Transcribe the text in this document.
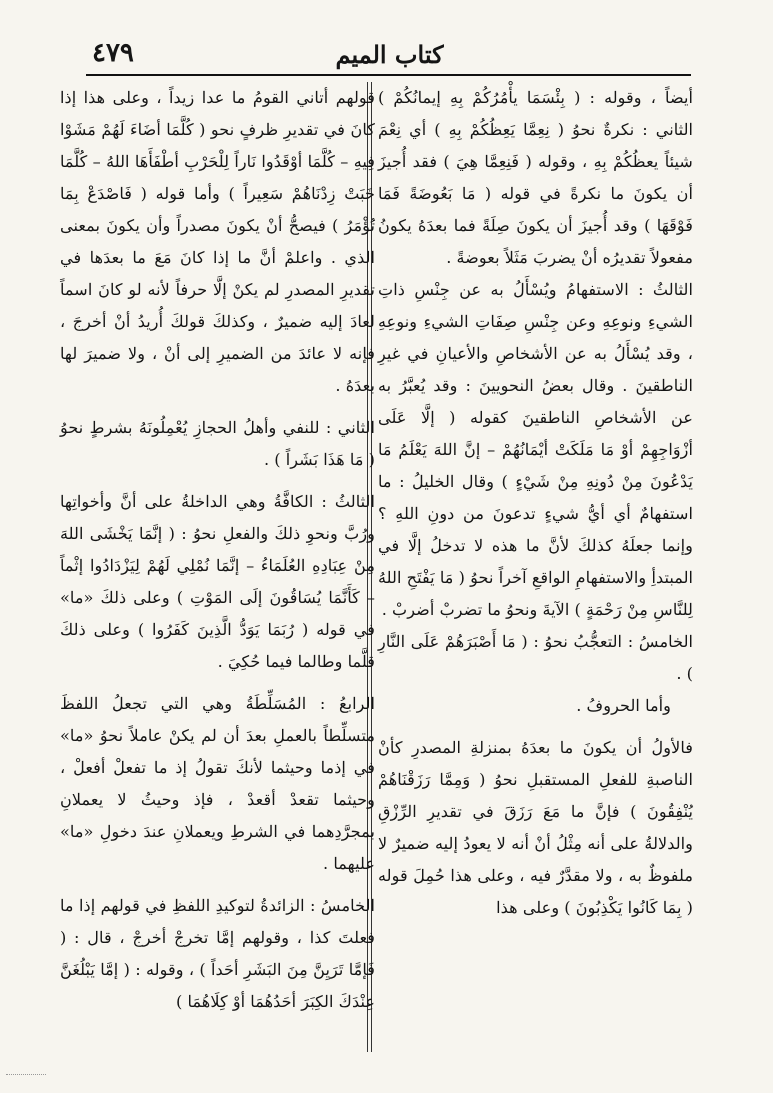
كتاب الميم
٤٧٩

أيضاً ، وقوله : ( بِئْسَمَا يأْمُرُكُمْ بِهِ إيمانُكُمْ ) الثاني : نكرةٌ نحوُ ( نِعِمَّا يَعِظُكُمْ بِهِ ) أي نِعْمَ شيئاً يعظُكُمْ بِهِ ، وقوله ( فَنِعِمَّا هِيَ ) فقد أُجيزَ أن يكونَ ما نكرةً في قوله ( مَا بَعُوضَةً فَمَا فَوْقَهَا ) وقد أُجيزَ أن يكونَ صِلَةً فما بعدَهُ يكونُ مفعولاً تقديرُه أنْ يضربَ مَثَلاً بعوضةً .

الثالثُ : الاستفهامُ ويُسْأَلُ به عن جِنْسِ ذاتِ الشيءِ ونوعِهِ وعن جِنْسِ صِفَاتِ الشيءِ ونوعِهِ ، وقد يُسْأَلُ به عن الأشخاصِ والأعيانِ في غيرِ الناطقينَ . وقال بعضُ النحويينَ : وقد يُعبَّرُ به عن الأشخاصِ الناطقينَ كقوله ( إلَّا عَلَى أزْوَاجِهِمْ أوْ مَا مَلَكَتْ أيْمَانُهُمْ – إنَّ اللهَ يَعْلَمُ مَا يَدْعُونَ مِنْ دُونِهِ مِنْ شَيْءٍ ) وقال الخليلُ : ما استفهامٌ أي أيُّ شيءٍ تدعونَ من دونِ اللهِ ؟ وإنما جعلَهُ كذلكَ لأنَّ ما هذه لا تدخلُ إلَّا في المبتدأِ والاستفهامِ الواقعِ آخراً نحوُ ( مَا يَفْتَحِ اللهُ لِلنَّاسِ مِنْ رَحْمَةٍ ) الآيةَ ونحوُ ما تضربْ أضربْ .

الخامسُ : التعجُّبُ نحوُ : ( مَا أَصْبَرَهُمْ عَلَى النَّارِ ) .

وأما الحروفُ .

فالأولُ أن يكونَ ما بعدَهُ بمنزلةِ المصدرِ كأنْ الناصبةِ للفعلِ المستقبلِ نحوُ ( وَمِمَّا رَزَقْنَاهُمْ يُنْفِقُونَ ) فإنَّ ما مَعَ رَزَقَ في تقديرِ الرِّزْقِ والدلالةُ على أنه مِثْلُ أنْ أنه لا يعودُ إليه ضميرٌ لا ملفوظٌ به ، ولا مقدَّرٌ فيه ، وعلى هذا حُمِلَ قوله ( بِمَا كَانُوا يَكْذِبُونَ ) وعلى هذا

قولهم أتاني القومُ ما عدا زيداً ، وعلى هذا إذا كانَ في تقديرِ ظرفٍ نحو ( كُلَّمَا أضَاءَ لَهُمْ مَشَوْا فِيهِ – كُلَّمَا أوْقَدُوا نَاراً لِلْحَرْبِ أطْفَأَهَا اللهُ – كُلَّمَا خَبَتْ زِدْنَاهُمْ سَعِيراً ) وأما قوله ( فَاصْدَعْ بِمَا تُؤْمَرُ ) فيصحُّ أنْ يكونَ مصدراً وأن يكونَ بمعنى الذي . واعلمْ أنَّ ما إذا كانَ مَعَ ما بعدَها في تقديرِ المصدرِ لم يكنْ إلَّا حرفاً لأنه لو كانَ اسماً لعادَ إليه ضميرٌ ، وكذلكَ قولكَ أُريدُ أنْ أخرجَ ، فإنه لا عائدَ من الضميرِ إلى أنْ ، ولا ضميرَ لها بعدَهُ .

الثاني : للنفي وأهلُ الحجازِ يُعْمِلُونَهُ بشرطٍ نحوُ ( مَا هَذَا بَشَراً ) .

الثالثُ : الكافَّةُ وهي الداخلةُ على أنَّ وأخواتِها ورُبَّ ونحوِ ذلكَ والفعلِ نحوُ : ( إنَّمَا يَخْشَى اللهَ مِنْ عِبَادِهِ العُلَمَاءُ – إنَّمَا نُمْلِي لَهُمْ لِيَزْدَادُوا إثْماً – كَأَنَّمَا يُسَاقُونَ إلَى المَوْتِ ) وعلى ذلكَ «ما» في قوله ( رُبَمَا يَوَدُّ الَّذِينَ كَفَرُوا ) وعلى ذلكَ قلَّما وطالما فيما حُكِيَ .

الرابعُ : المُسَلِّطَةُ وهي التي تجعلُ اللفظَ متسلِّطاً بالعملِ بعدَ أن لم يكنْ عاملاً نحوُ «ما» في إذما وحيثما لأنكَ تقولُ إذ ما تفعلْ أفعلْ ، وحيثما تقعدْ أقعدْ ، فإذ وحيثُ لا يعملانِ بمجرَّدِهما في الشرطِ ويعملانِ عندَ دخولِ «ما» عليهما .

الخامسُ : الزائدةُ لتوكيدِ اللفظِ في قولهم إذا ما فعلتَ كذا ، وقولهم إمَّا تخرجْ أخرجْ ، قال : ( فَإمَّا تَرَيِنَّ مِنَ البَشَرِ أحَداً ) ، وقوله : ( إمَّا يَبْلُغَنَّ عِنْدَكَ الكِبَرَ أحَدُهُمَا أوْ كِلَاهُمَا )
